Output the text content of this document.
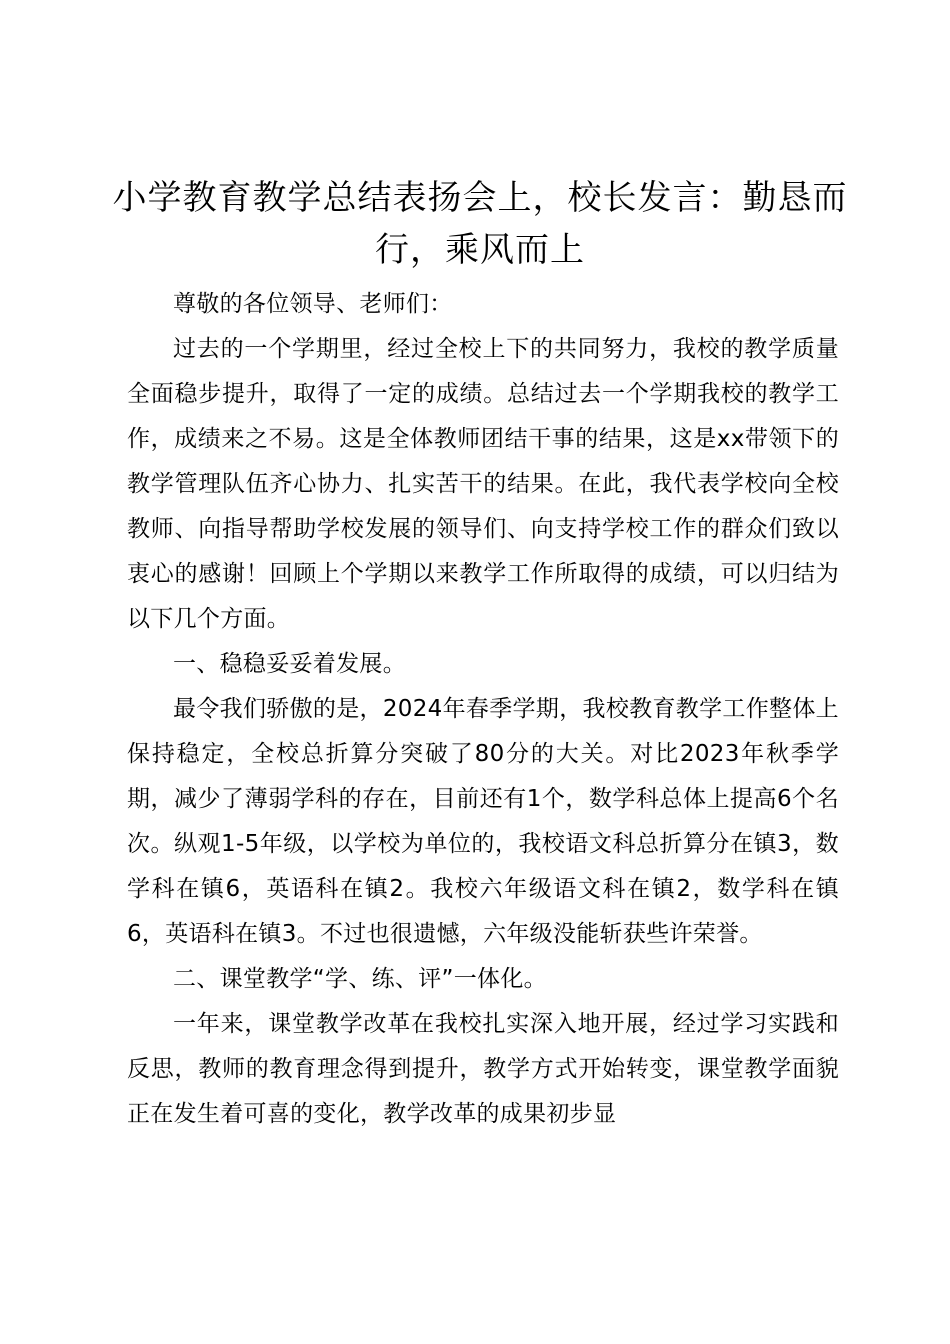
小学教育教学总结表扬会上，校长发言：勤恳而行，乘风而上

尊敬的各位领导、老师们：

过去的一个学期里，经过全校上下的共同努力，我校的教学质量全面稳步提升，取得了一定的成绩。总结过去一个学期我校的教学工作，成绩来之不易。这是全体教师团结干事的结果，这是xx带领下的教学管理队伍齐心协力、扎实苦干的结果。在此，我代表学校向全校教师、向指导帮助学校发展的领导们、向支持学校工作的群众们致以衷心的感谢！回顾上个学期以来教学工作所取得的成绩，可以归结为以下几个方面。

一、稳稳妥妥着发展。

最令我们骄傲的是，2024年春季学期，我校教育教学工作整体上保持稳定，全校总折算分突破了80分的大关。对比2023年秋季学期，减少了薄弱学科的存在，目前还有1个，数学科总体上提高6个名次。纵观1-5年级，以学校为单位的，我校语文科总折算分在镇3，数学科在镇6，英语科在镇2。我校六年级语文科在镇2，数学科在镇6，英语科在镇3。不过也很遗憾，六年级没能斩获些许荣誉。

二、课堂教学“学、练、评”一体化。

一年来，课堂教学改革在我校扎实深入地开展，经过学习实践和反思，教师的教育理念得到提升，教学方式开始转变，课堂教学面貌正在发生着可喜的变化，教学改革的成果初步显
